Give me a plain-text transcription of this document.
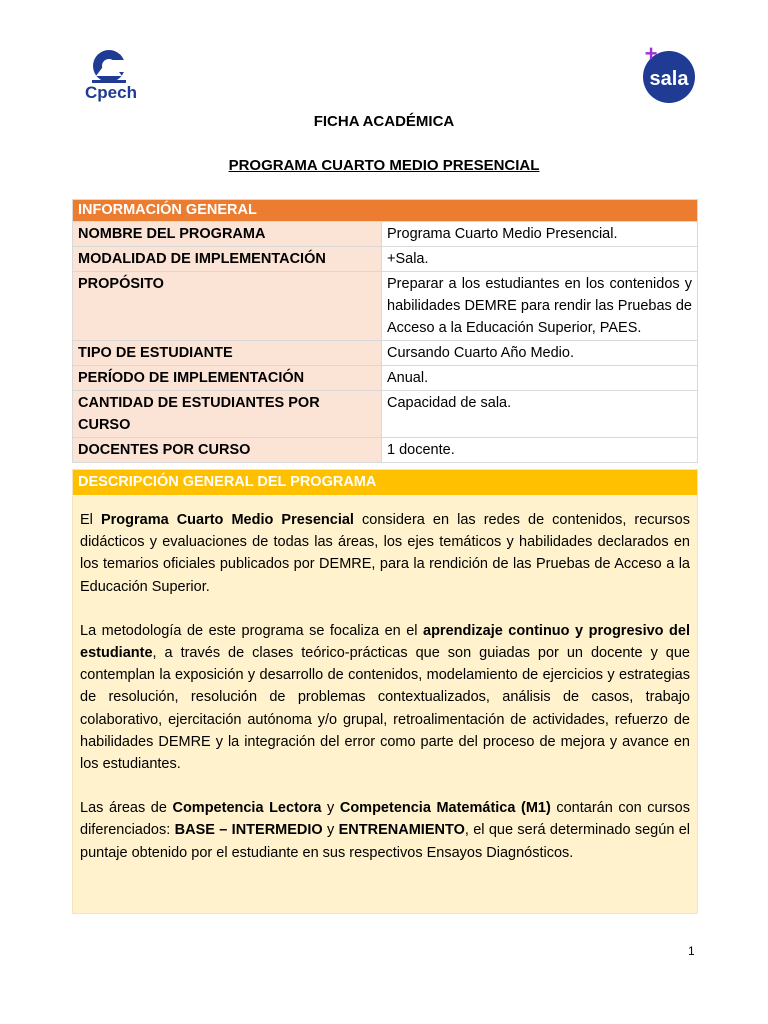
Cpech
+
sala
FICHA ACADÉMICA
PROGRAMA CUARTO MEDIO PRESENCIAL
INFORMACIÓN GENERAL	
NOMBRE DEL PROGRAMA	Programa Cuarto Medio Presencial.
MODALIDAD DE IMPLEMENTACIÓN	+Sala.
PROPÓSITO	Preparar a los estudiantes en los contenidos y habilidades DEMRE para rendir las Pruebas de Acceso a la Educación Superior, PAES.
TIPO DE ESTUDIANTE	Cursando Cuarto Año Medio.
PERÍODO DE IMPLEMENTACIÓN	Anual.
CANTIDAD DE ESTUDIANTES POR CURSO	Capacidad de sala.
DOCENTES POR CURSO	1 docente.
DESCRIPCIÓN GENERAL DEL PROGRAMA

El Programa Cuarto Medio Presencial considera en las redes de contenidos, recursos didácticos y evaluaciones de todas las áreas, los ejes temáticos y habilidades declarados en los temarios oficiales publicados por DEMRE, para la rendición de las Pruebas de Acceso a la Educación Superior.

La metodología de este programa se focaliza en el aprendizaje continuo y progresivo del estudiante, a través de clases teórico-prácticas que son guiadas por un docente y que contemplan la exposición y desarrollo de contenidos, modelamiento de ejercicios y estrategias de resolución, resolución de problemas contextualizados, análisis de casos, trabajo colaborativo, ejercitación autónoma y/o grupal, retroalimentación de actividades, refuerzo de habilidades DEMRE y la integración del error como parte del proceso de mejora y avance en los estudiantes.

Las áreas de Competencia Lectora y Competencia Matemática (M1) contarán con cursos diferenciados: BASE – INTERMEDIO y ENTRENAMIENTO, el que será determinado según el puntaje obtenido por el estudiante en sus respectivos Ensayos Diagnósticos.

1
